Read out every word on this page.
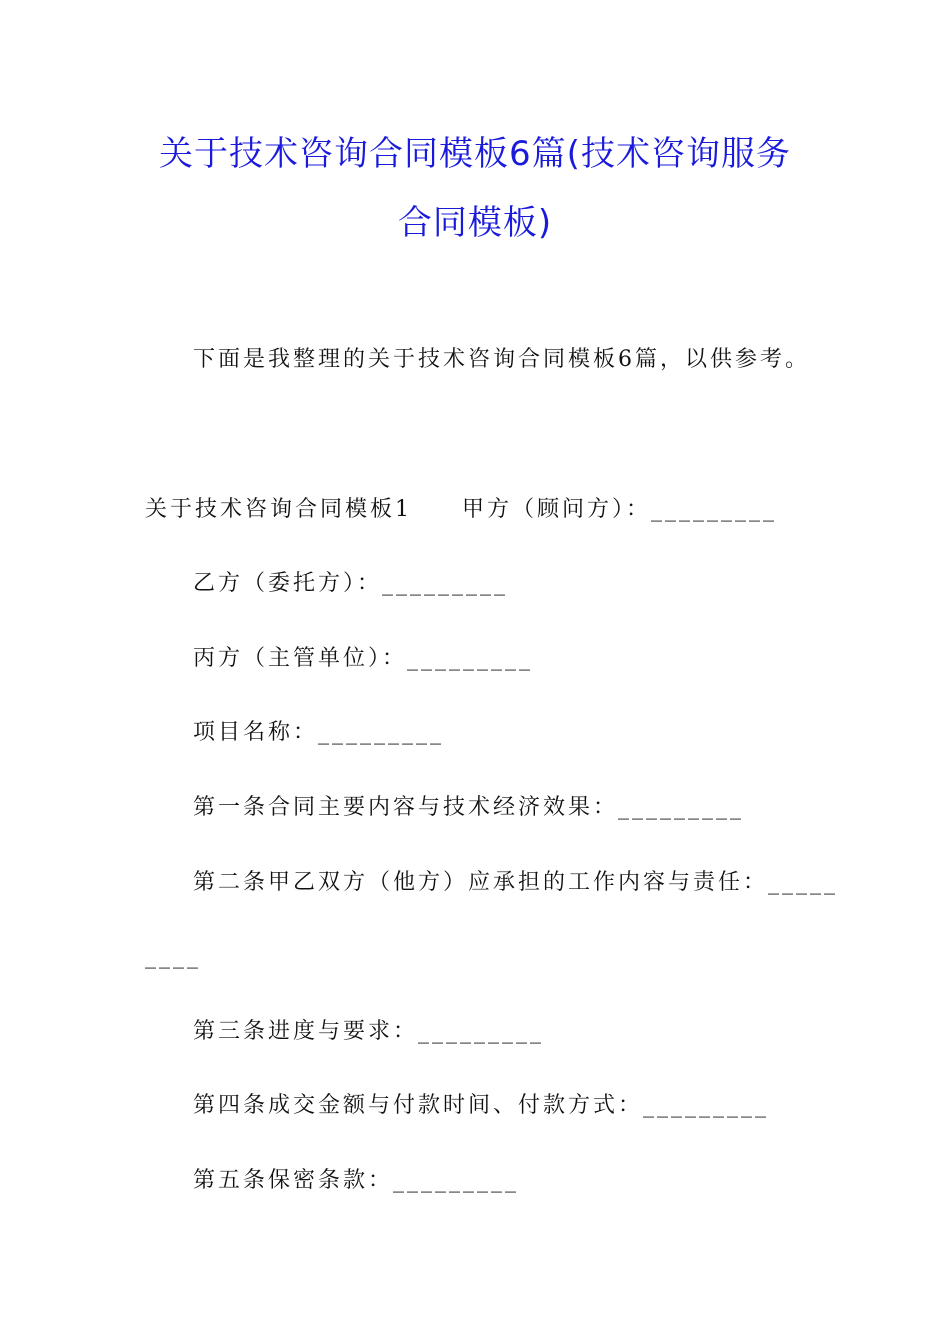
关于技术咨询合同模板6篇(技术咨询服务
合同模板)
下面是我整理的关于技术咨询合同模板6篇，以供参考。
关于技术咨询合同模板1　　甲方（顾问方）：_________
乙方（委托方）：_________
丙方（主管单位）：_________
项目名称：_________
第一条合同主要内容与技术经济效果：_________
第二条甲乙双方（他方）应承担的工作内容与责任：_____
____
第三条进度与要求：_________
第四条成交金额与付款时间、付款方式：_________
第五条保密条款：_________
